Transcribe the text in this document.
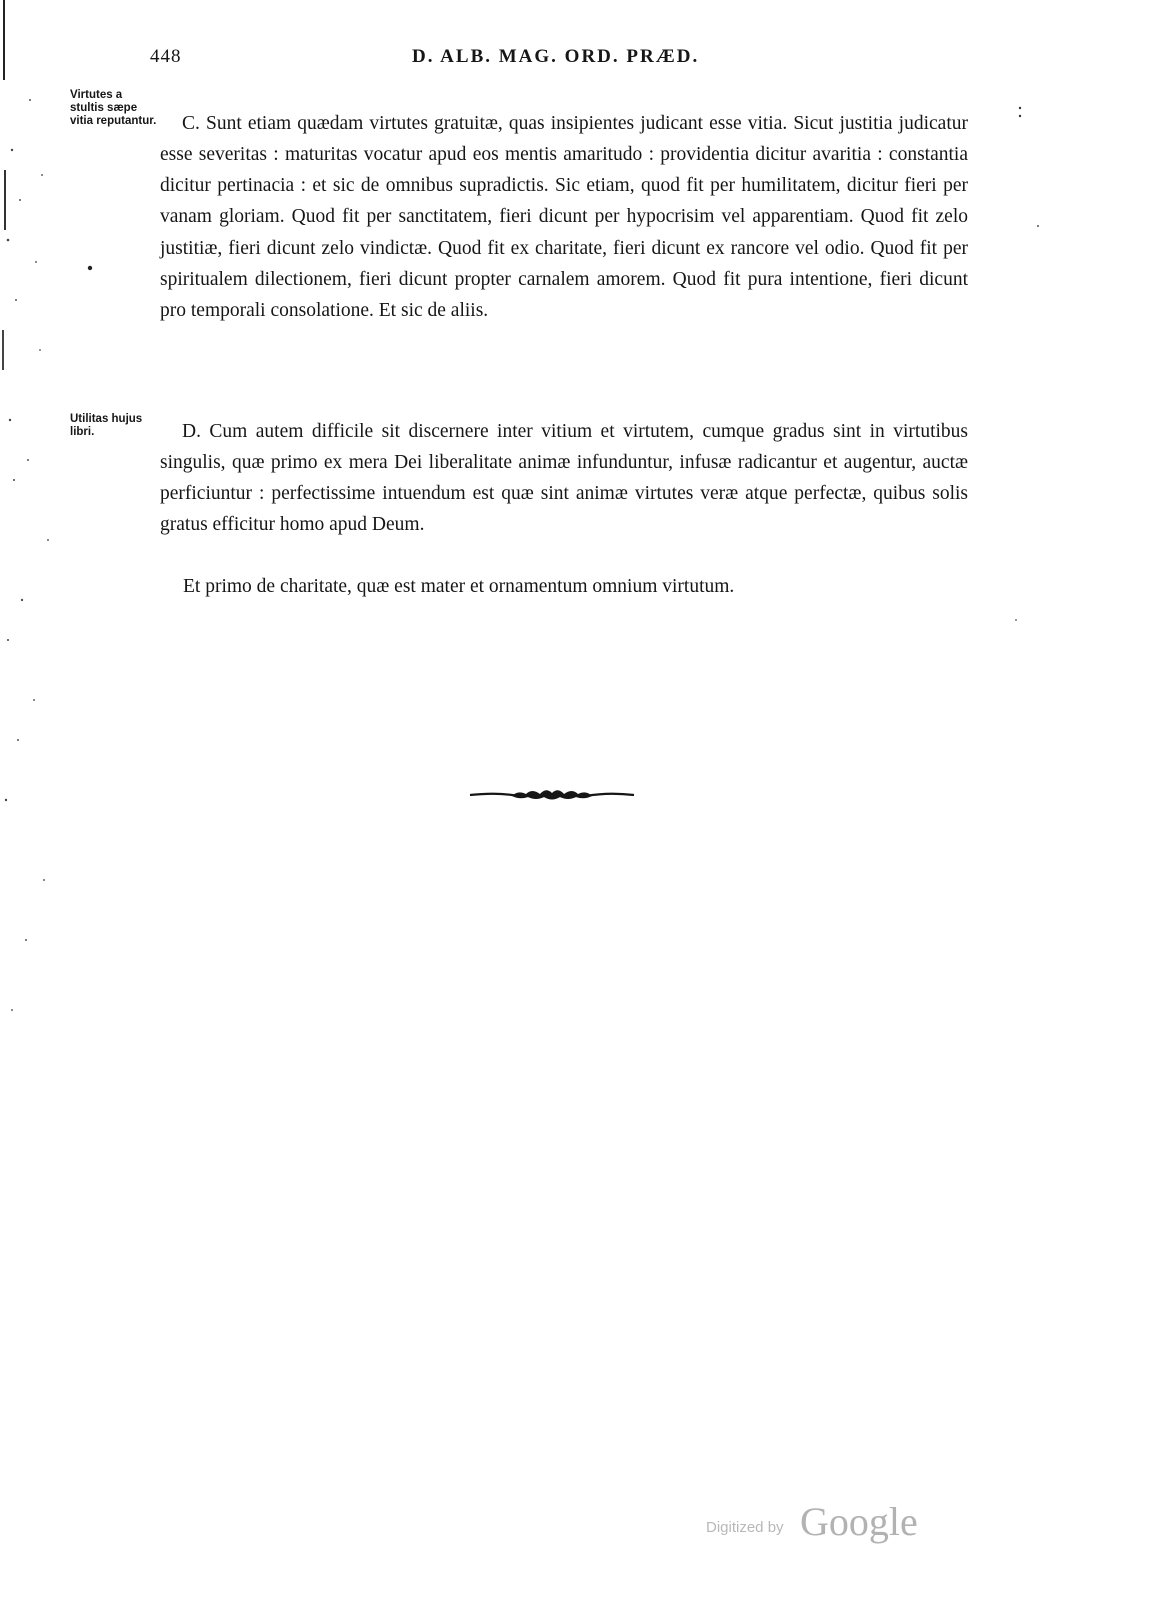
448	D. ALB. MAG. ORD. PRÆD.
Virtutes a stultis sæpe vitia reputantur.
Utilitas hujus libri.

C. Sunt etiam quædam virtutes gratuitæ, quas insipientes judicant esse vitia. Sicut justitia judicatur esse severitas : maturitas vocatur apud eos mentis amaritudo : providentia dicitur avaritia : constantia dicitur pertinacia : et sic de omnibus supradictis. Sic etiam, quod fit per humilitatem, dicitur fieri per vanam gloriam. Quod fit per sanctitatem, fieri dicunt per hypocrisim vel apparentiam. Quod fit zelo justitiæ, fieri dicunt zelo vindictæ. Quod fit ex charitate, fieri dicunt ex rancore vel odio. Quod fit per spiritualem dilectionem, fieri dicunt propter carnalem amorem. Quod fit pura intentione, fieri dicunt pro temporali consolatione. Et sic de aliis.

D. Cum autem difficile sit discernere inter vitium et virtutem, cumque gradus sint in virtutibus singulis, quæ primo ex mera Dei liberalitate animæ infunduntur, infusæ radicantur et augentur, auctæ perficiuntur : perfectissime intuendum est quæ sint animæ virtutes veræ atque perfectæ, quibus solis gratus efficitur homo apud Deum.

Et primo de charitate, quæ est mater et ornamentum omnium virtutum.

Digitized by Google
